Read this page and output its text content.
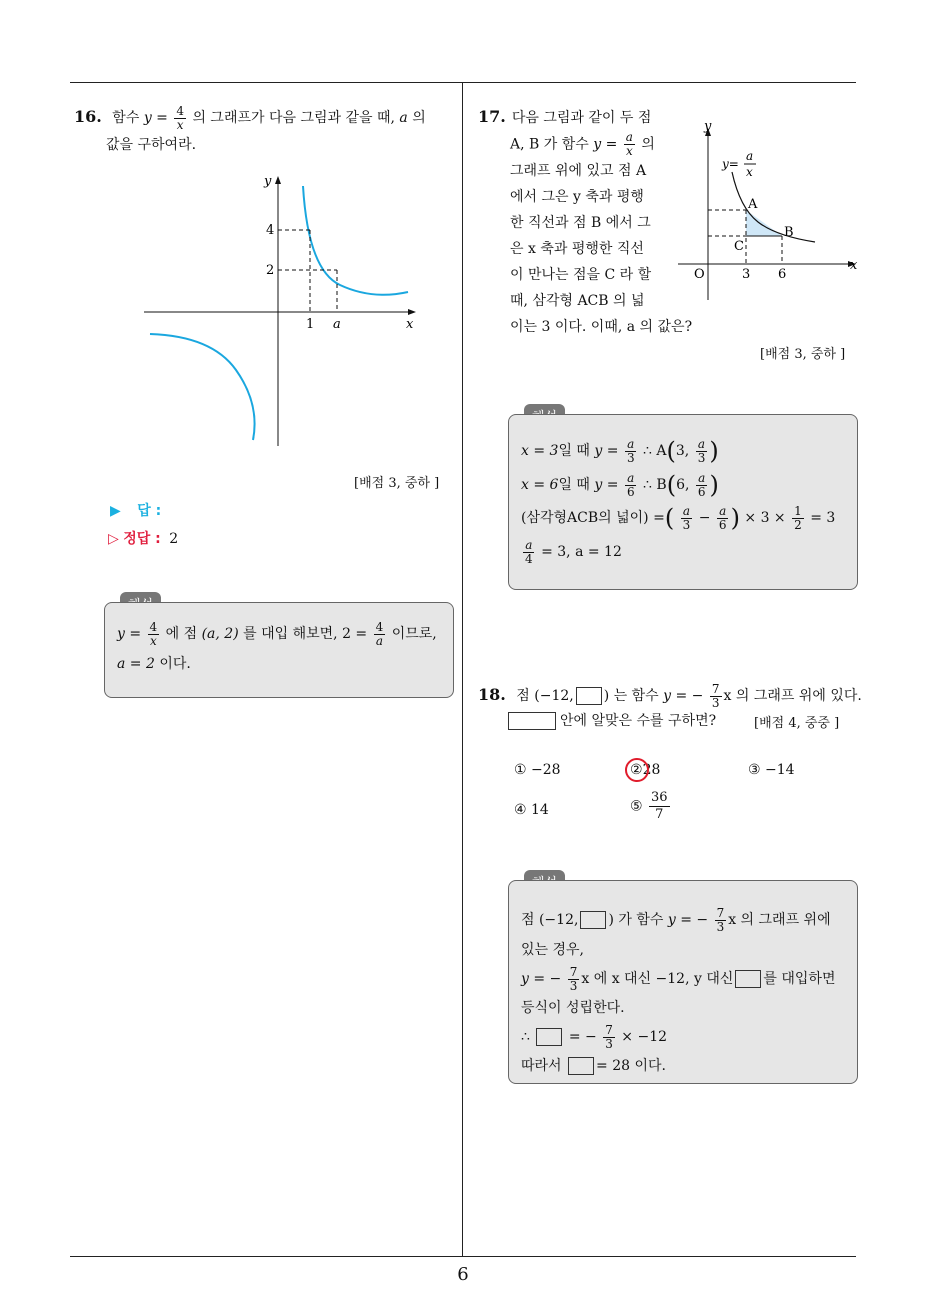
16. 함수 $y = \frac{4}{x}$ 의 그래프가 다음 그림과 같을 때, a 의
값을 구하여라.
y
x
4
2
1 a
[배점 3, 중하 ]
▶ 답 :
▷ 정답 : 2
$y = \frac{4}{x}$ 에 점 (a, 2) 를 대입 해보면, $2 = \frac{4}{a}$ 이므로,
a = 2 이다.
17. 다음 그림과 같이 두 점
A, B 가 함수 $y = \frac{a}{x}$ 의
그래프 위에 있고 점 A
에서 그은 y 축과 평행
한 직선과 점 B 에서 그
은 x 축과 평행한 직선
이 만나는 점을 C 라 할
때, 삼각형 ACB 의 넓
이는 3 이다. 이때, a 의 값은?
y
x
O	3 6
A
B
C
y=
a
x
[배점 3, 중하 ]
x = 3일 때 $y = \frac{a}{3}$ ∴ A(3, $\frac{a}{3}$ )
x = 6일 때 $y = \frac{a}{6}$ ∴ B(6, $\frac{a}{6}$ )
(삼각형ACB의 넓이) =( $\frac{a}{3} - \frac{a}{6}$ ) × $3 \times \frac{1}{2} = 3$
$\frac{a}{4} = 3$, a = 12
18. 점 (−12, ) 는 함수 y = − $\frac{7}{3}$ x 의 그래프 위에 있다.
안에 알맞은 수를 구하면?	[배점 4, 중중 ]
① −28	②28	③ −14
④ 14	⑤ $\frac{36}{7}$
점 (−12, ) 가 함수 y = − $\frac{7}{3}$ x 의 그래프 위에
있는 경우,
y = − $\frac{7}{3}$ x 에 x 대신 −12, y 대신 를 대입하면
등식이 성립한다.
∴	= − $\frac{7}{3} \times -12$
따라서 = 28 이다.
6
